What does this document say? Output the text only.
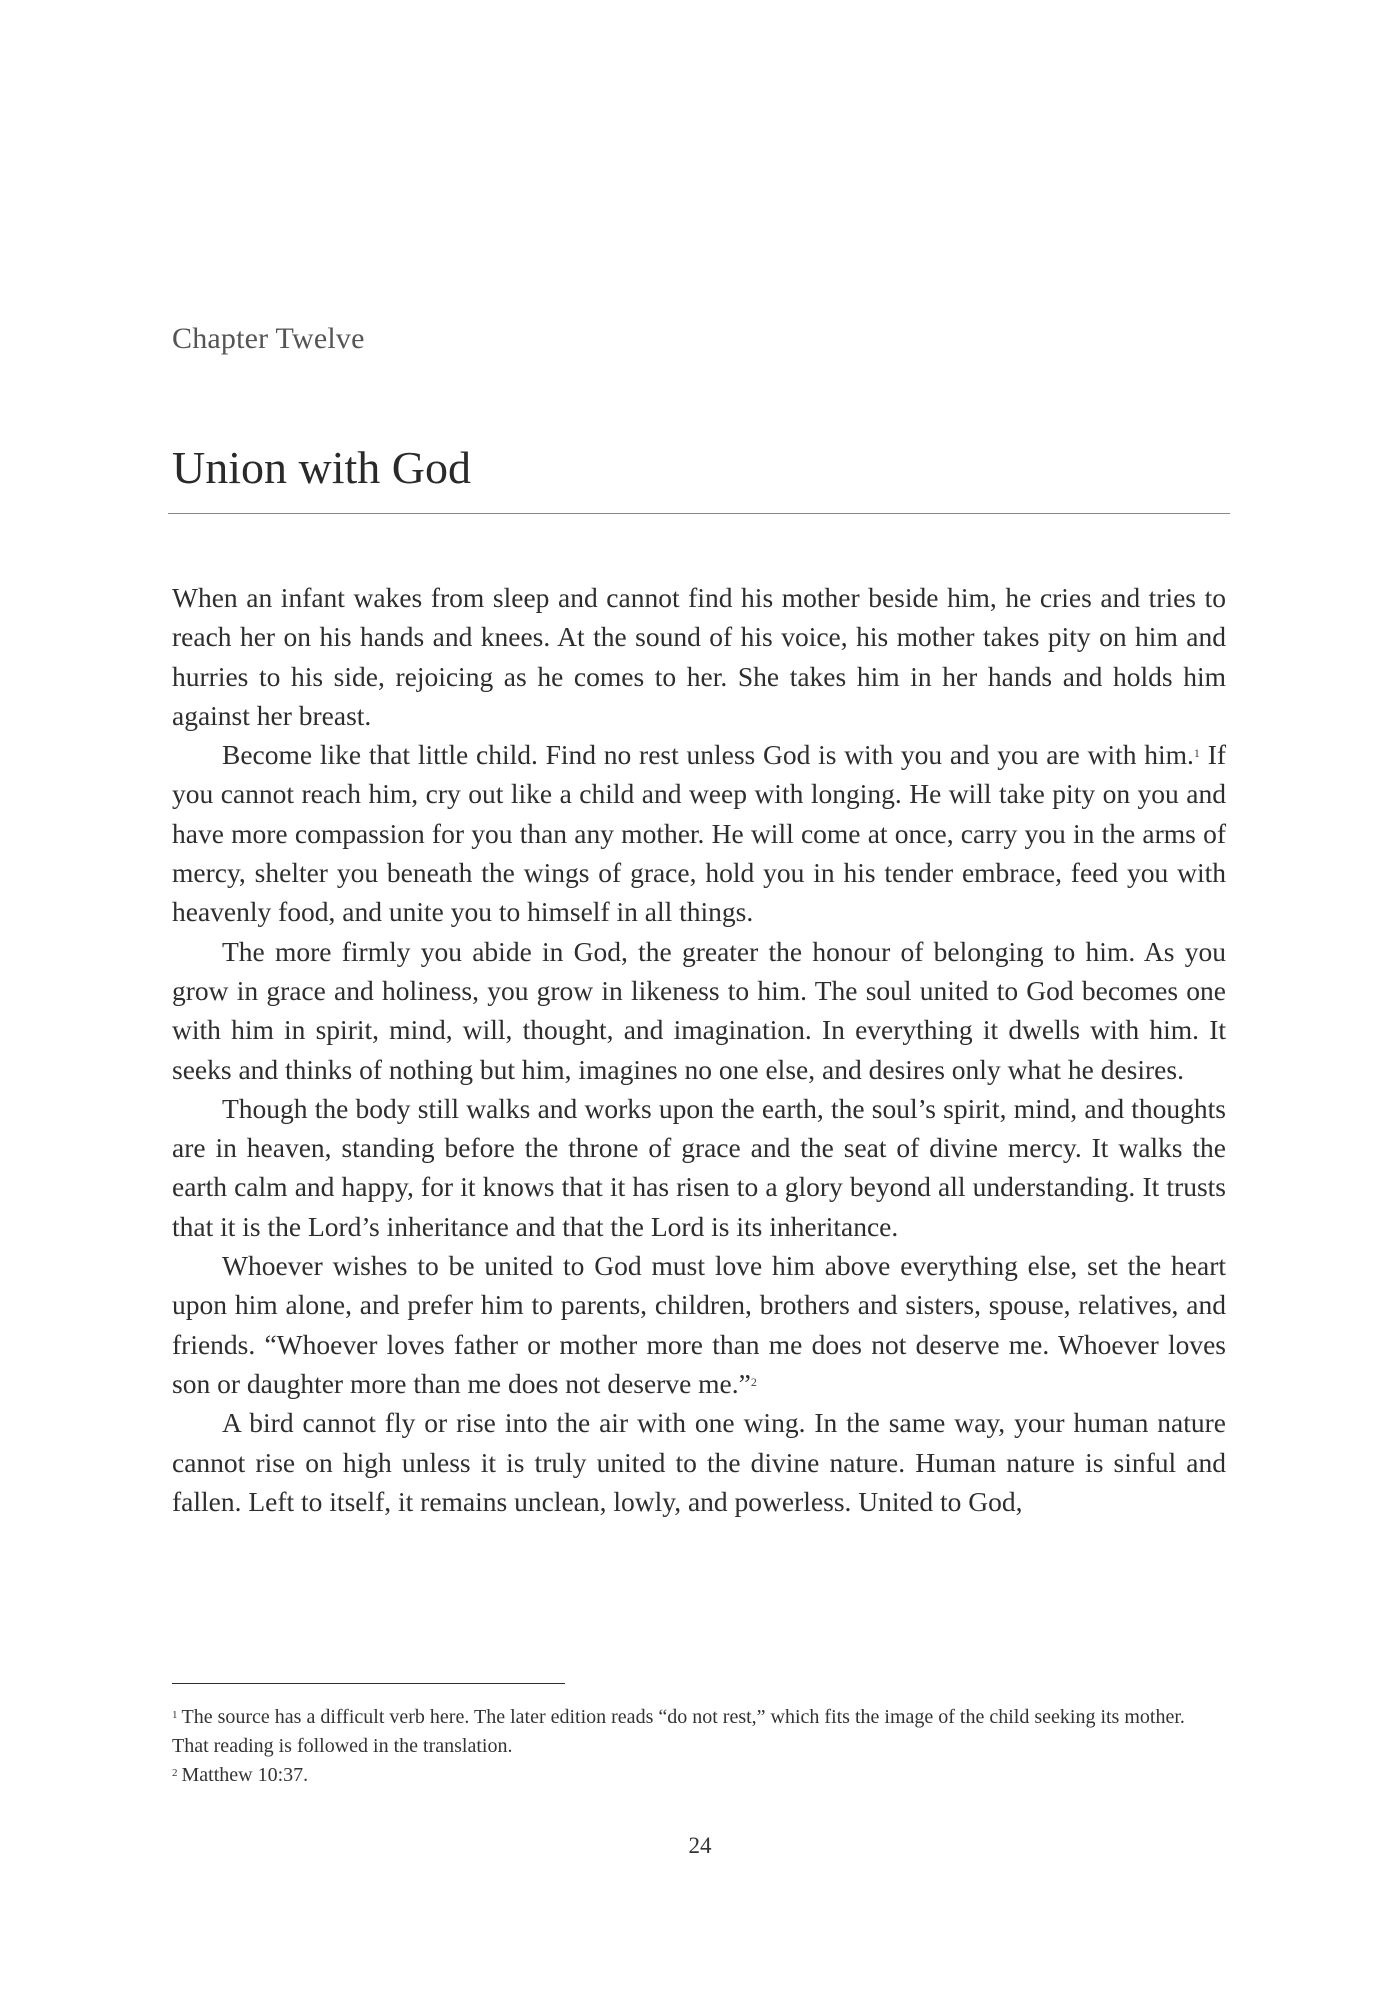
Chapter Twelve
Union with God

When an infant wakes from sleep and cannot find his mother beside him, he cries and tries to reach her on his hands and knees. At the sound of his voice, his mother takes pity on him and hurries to his side, rejoicing as he comes to her. She takes him in her hands and holds him against her breast.

Become like that little child. Find no rest unless God is with you and you are with him.$^1$ If you cannot reach him, cry out like a child and weep with longing. He will take pity on you and have more compassion for you than any mother. He will come at once, carry you in the arms of mercy, shelter you beneath the wings of grace, hold you in his tender embrace, feed you with heavenly food, and unite you to himself in all things.

The more firmly you abide in God, the greater the honour of belonging to him. As you grow in grace and holiness, you grow in likeness to him. The soul united to God becomes one with him in spirit, mind, will, thought, and imagination. In everything it dwells with him. It seeks and thinks of nothing but him, imagines no one else, and desires only what he desires.

Though the body still walks and works upon the earth, the soul’s spirit, mind, and thoughts are in heaven, standing before the throne of grace and the seat of divine mercy. It walks the earth calm and happy, for it knows that it has risen to a glory beyond all understanding. It trusts that it is the Lord’s inheritance and that the Lord is its inheritance.

Whoever wishes to be united to God must love him above everything else, set the heart upon him alone, and prefer him to parents, children, brothers and sisters, spouse, relatives, and friends. “Whoever loves father or mother more than me does not deserve me. Whoever loves son or daughter more than me does not deserve me.”$^2$

A bird cannot fly or rise into the air with one wing. In the same way, your human nature cannot rise on high unless it is truly united to the divine nature. Human nature is sinful and fallen. Left to itself, it remains unclean, lowly, and powerless. United to God,

$^1$ The source has a difficult verb here. The later edition reads “do not rest,” which fits the image of the child seeking its mother. That reading is followed in the translation.

$^2$ Matthew 10:37.

24
